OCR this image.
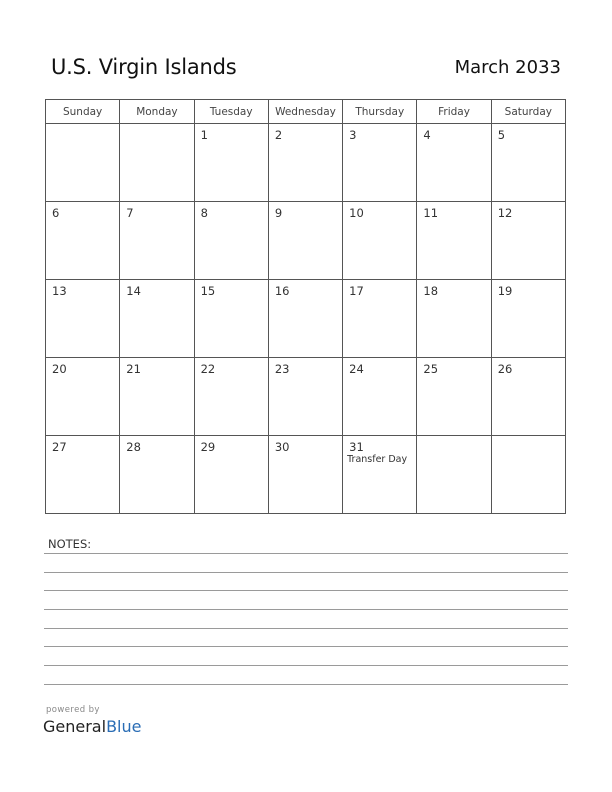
U.S. Virgin Islands	March 2033
Sunday	Monday	Tuesday	Wednesday	Thursday	Friday	Saturday

		1	2	3	4	5

6	7	8	9	10	11	12

13	14	15	16	17	18	19

20	21	22	23	24	25	26

27	28	29	30	31
Transfer Day		

NOTES:
powered by
GeneralBlue
